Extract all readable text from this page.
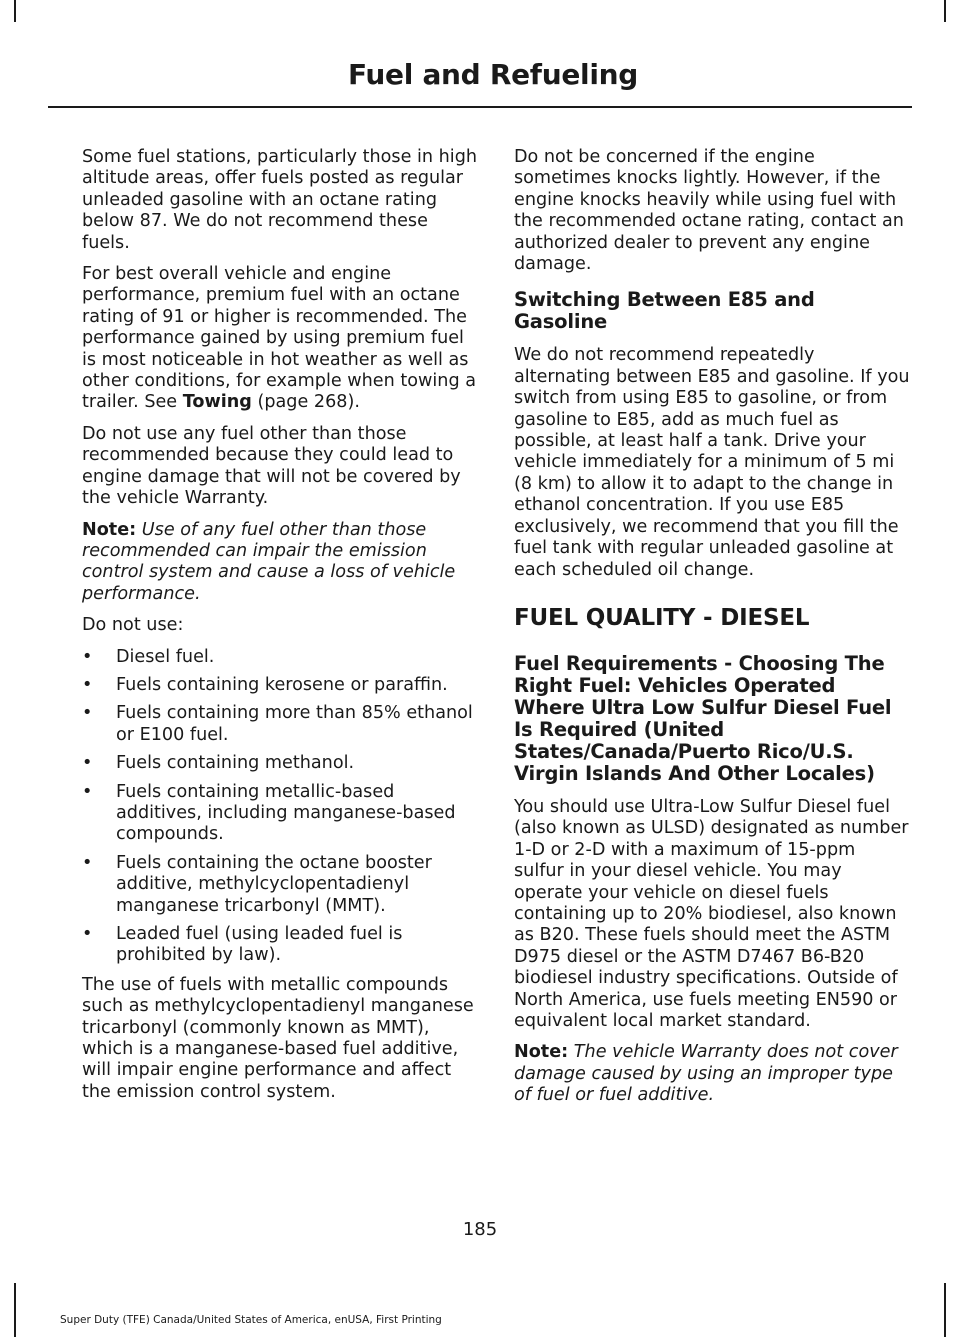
Fuel and Refueling

Some fuel stations, particularly those in high altitude areas, offer fuels posted as regular unleaded gasoline with an octane rating below 87. We do not recommend these fuels.

For best overall vehicle and engine performance, premium fuel with an octane rating of 91 or higher is recommended. The performance gained by using premium fuel is most noticeable in hot weather as well as other conditions, for example when towing a trailer. See Towing (page 268).

Do not use any fuel other than those recommended because they could lead to engine damage that will not be covered by the vehicle Warranty.

Note: Use of any fuel other than those recommended can impair the emission control system and cause a loss of vehicle performance.

Do not use:

• Diesel fuel.
• Fuels containing kerosene or paraffin.
• Fuels containing more than 85% ethanol or E100 fuel.
• Fuels containing methanol.
• Fuels containing metallic-based additives, including manganese-based compounds.
• Fuels containing the octane booster additive, methylcyclopentadienyl manganese tricarbonyl (MMT).
• Leaded fuel (using leaded fuel is prohibited by law).

The use of fuels with metallic compounds such as methylcyclopentadienyl manganese tricarbonyl (commonly known as MMT), which is a manganese-based fuel additive, will impair engine performance and affect the emission control system.

Do not be concerned if the engine sometimes knocks lightly. However, if the engine knocks heavily while using fuel with the recommended octane rating, contact an authorized dealer to prevent any engine damage.

Switching Between E85 and Gasoline

We do not recommend repeatedly alternating between E85 and gasoline. If you switch from using E85 to gasoline, or from gasoline to E85, add as much fuel as possible, at least half a tank. Drive your vehicle immediately for a minimum of 5 mi (8 km) to allow it to adapt to the change in ethanol concentration. If you use E85 exclusively, we recommend that you fill the fuel tank with regular unleaded gasoline at each scheduled oil change.

FUEL QUALITY - DIESEL
Fuel Requirements - Choosing The Right Fuel: Vehicles Operated Where Ultra Low Sulfur Diesel Fuel Is Required (United States/Canada/Puerto Rico/U.S. Virgin Islands And Other Locales)

You should use Ultra-Low Sulfur Diesel fuel (also known as ULSD) designated as number 1-D or 2-D with a maximum of 15-ppm sulfur in your diesel vehicle. You may operate your vehicle on diesel fuels containing up to 20% biodiesel, also known as B20. These fuels should meet the ASTM D975 diesel or the ASTM D7467 B6-B20 biodiesel industry specifications. Outside of North America, use fuels meeting EN590 or equivalent local market standard.

Note: The vehicle Warranty does not cover damage caused by using an improper type of fuel or fuel additive.

185
Super Duty (TFE) Canada/United States of America, enUSA, First Printing
